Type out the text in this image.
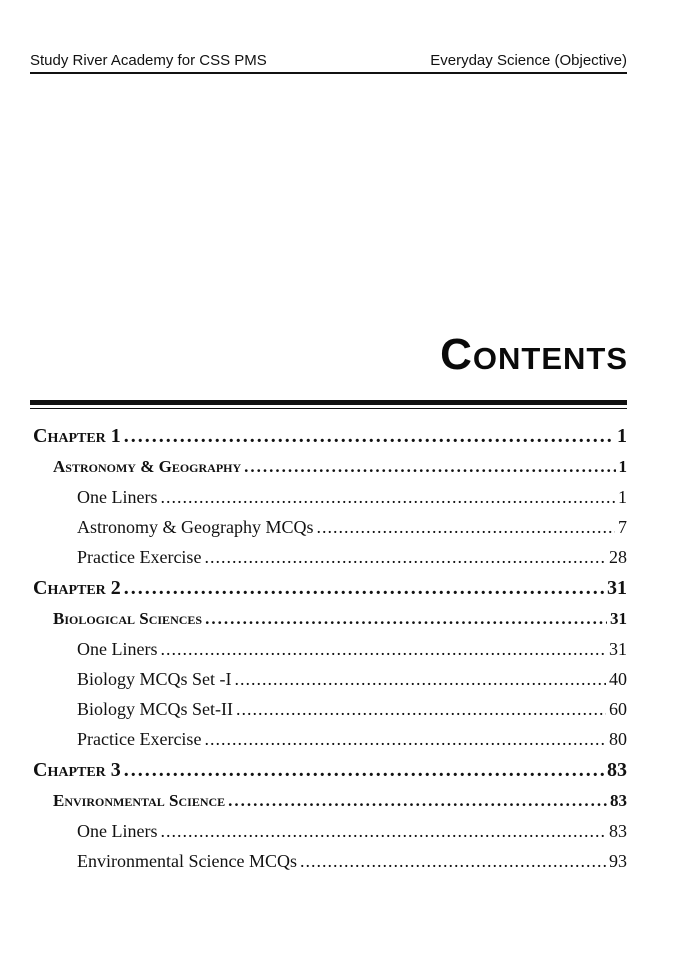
Study River Academy for CSS PMS	Everyday Science (Objective)
Contents
Chapter 1 .....	1
Astronomy & Geography .....	1
One Liners .....	1
Astronomy & Geography MCQs .....	7
Practice Exercise .....	28
Chapter 2 .....	31
Biological Sciences .....	31
One Liners .....	31
Biology MCQs Set -I .....	40
Biology MCQs Set-II .....	60
Practice Exercise .....	80
Chapter 3 .....	83
Environmental Science .....	83
One Liners .....	83
Environmental Science MCQs .....	93
